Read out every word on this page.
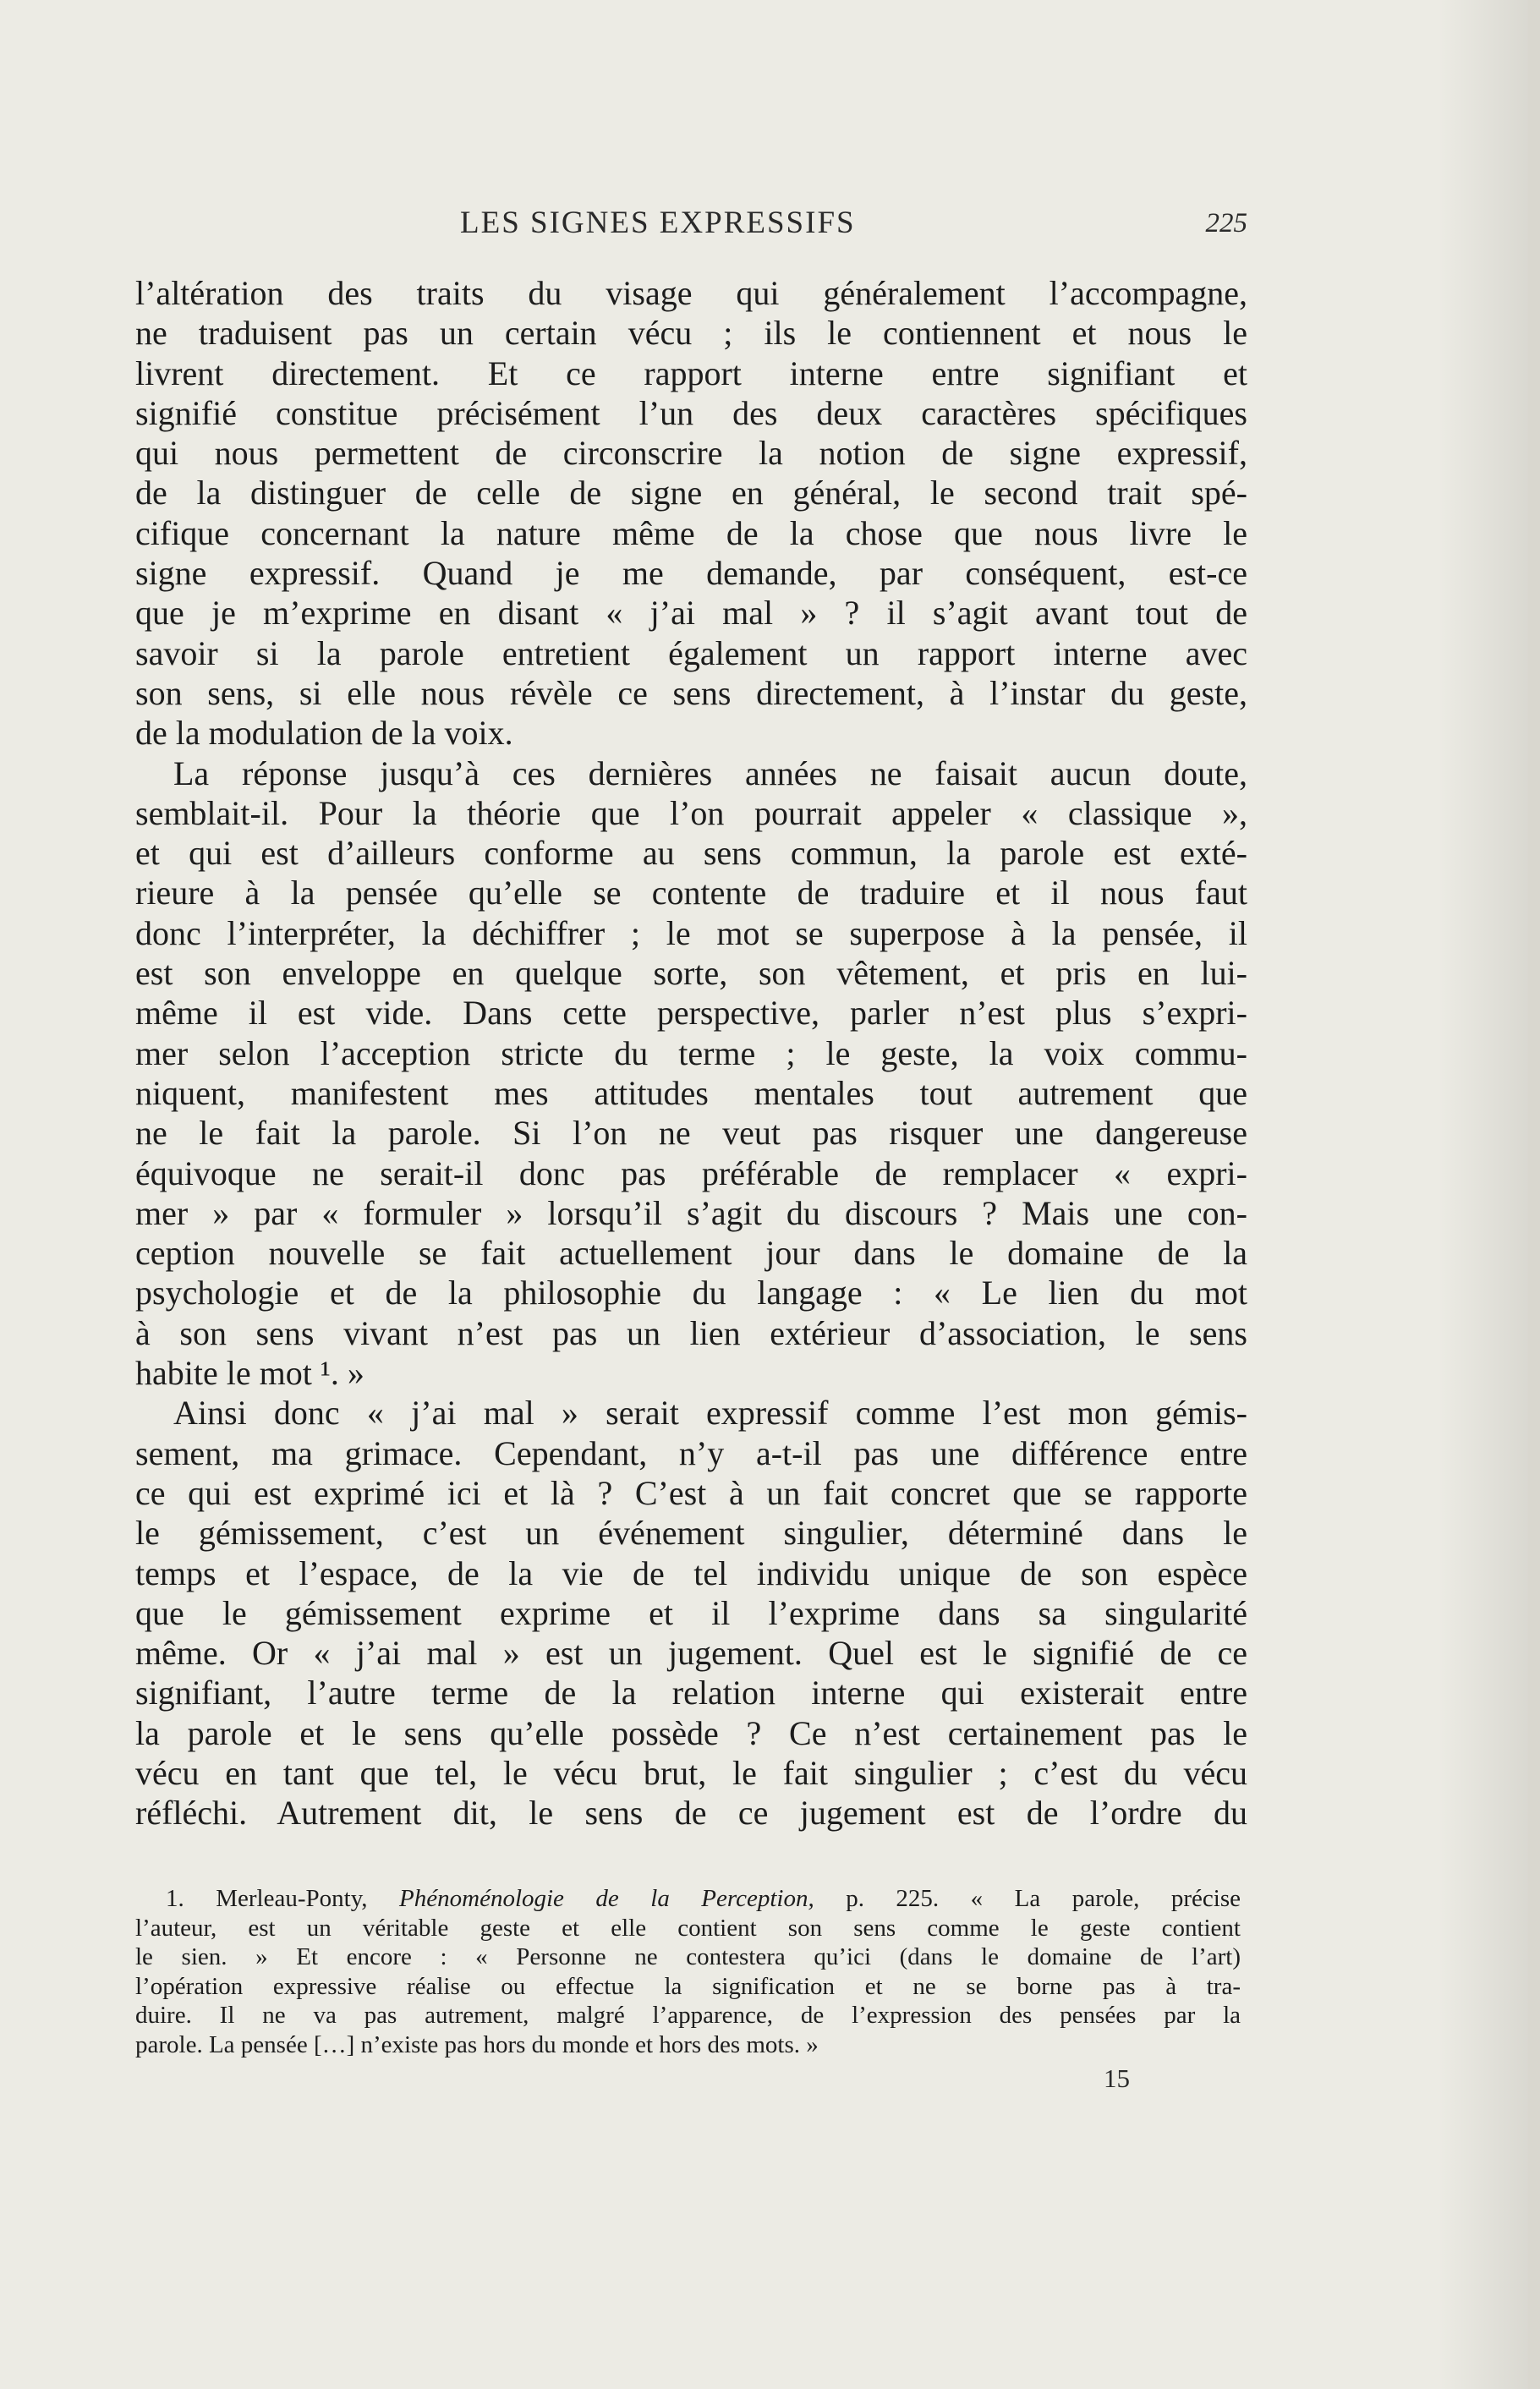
LES SIGNES EXPRESSIFS	225
l’altération des traits du visage qui généralement l’accompagne,
ne traduisent pas un certain vécu ; ils le contiennent et nous le
livrent directement. Et ce rapport interne entre signifiant et
signifié constitue précisément l’un des deux caractères spécifiques
qui nous permettent de circonscrire la notion de signe expressif,
de la distinguer de celle de signe en général, le second trait spé-
cifique concernant la nature même de la chose que nous livre le
signe expressif. Quand je me demande, par conséquent, est-ce
que je m’exprime en disant « j’ai mal » ? il s’agit avant tout de
savoir si la parole entretient également un rapport interne avec
son sens, si elle nous révèle ce sens directement, à l’instar du geste,
de la modulation de la voix.
La réponse jusqu’à ces dernières années ne faisait aucun doute,
semblait-il. Pour la théorie que l’on pourrait appeler « classique »,
et qui est d’ailleurs conforme au sens commun, la parole est exté-
rieure à la pensée qu’elle se contente de traduire et il nous faut
donc l’interpréter, la déchiffrer ; le mot se superpose à la pensée, il
est son enveloppe en quelque sorte, son vêtement, et pris en lui-
même il est vide. Dans cette perspective, parler n’est plus s’expri-
mer selon l’acception stricte du terme ; le geste, la voix commu-
niquent, manifestent mes attitudes mentales tout autrement que
ne le fait la parole. Si l’on ne veut pas risquer une dangereuse
équivoque ne serait-il donc pas préférable de remplacer « expri-
mer » par « formuler » lorsqu’il s’agit du discours ? Mais une con-
ception nouvelle se fait actuellement jour dans le domaine de la
psychologie et de la philosophie du langage : « Le lien du mot
à son sens vivant n’est pas un lien extérieur d’association, le sens
habite le mot ¹. »
Ainsi donc « j’ai mal » serait expressif comme l’est mon gémis-
sement, ma grimace. Cependant, n’y a-t-il pas une différence entre
ce qui est exprimé ici et là ? C’est à un fait concret que se rapporte
le gémissement, c’est un événement singulier, déterminé dans le
temps et l’espace, de la vie de tel individu unique de son espèce
que le gémissement exprime et il l’exprime dans sa singularité
même. Or « j’ai mal » est un jugement. Quel est le signifié de ce
signifiant, l’autre terme de la relation interne qui existerait entre
la parole et le sens qu’elle possède ? Ce n’est certainement pas le
vécu en tant que tel, le vécu brut, le fait singulier ; c’est du vécu
réfléchi. Autrement dit, le sens de ce jugement est de l’ordre du
1. Merleau-Ponty, Phénoménologie de la Perception, p. 225. « La parole, précise
l’auteur, est un véritable geste et elle contient son sens comme le geste contient
le sien. » Et encore : « Personne ne contestera qu’ici (dans le domaine de l’art)
l’opération expressive réalise ou effectue la signification et ne se borne pas à tra-
duire. Il ne va pas autrement, malgré l’apparence, de l’expression des pensées par la
parole. La pensée […] n’existe pas hors du monde et hors des mots. »
15
